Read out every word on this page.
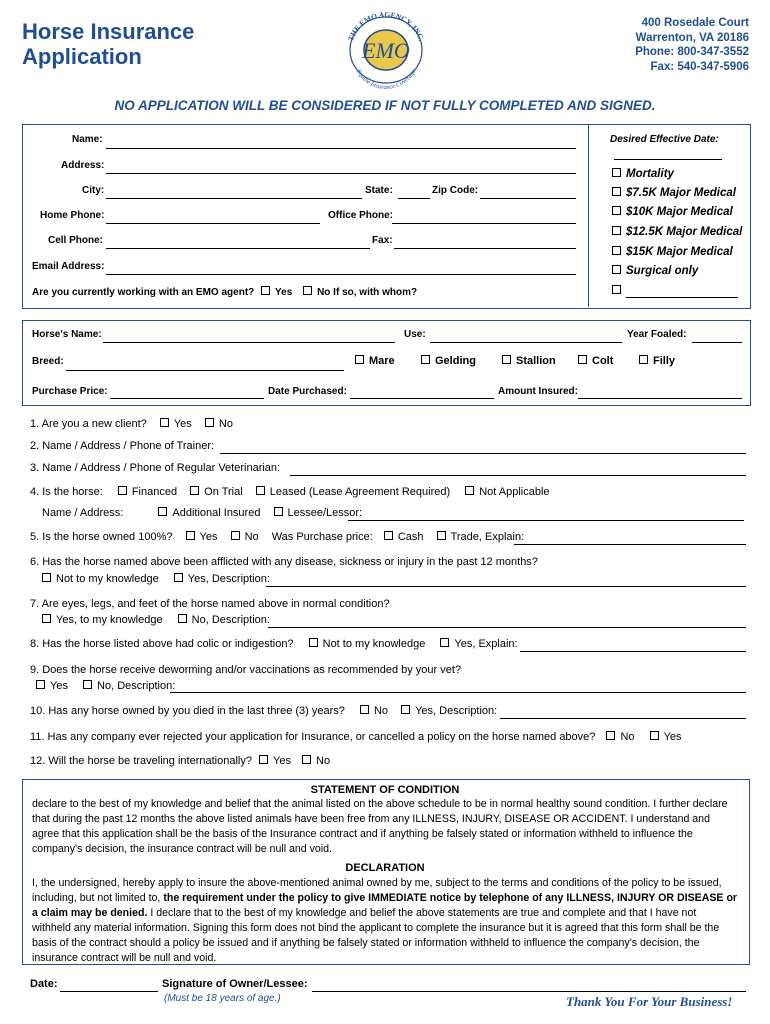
Horse Insurance
Application
THE EMO AGENCY, INC.
Equine Insurance Coverage
EMO
400 Rosedale Court
Warrenton, VA 20186
Phone: 800-347-3552
Fax: 540-347-5906
NO APPLICATION WILL BE CONSIDERED IF NOT FULLY COMPLETED AND SIGNED.
Name:
Address:
City:	State:	Zip Code:
Home Phone:	Office Phone:
Cell Phone:	Fax:
Email Address:
Are you currently working with an EMO agent? Yes No If so, with whom?
Desired Effective Date:
Mortality
$7.5K Major Medical
$10K Major Medical
$12.5K Major Medical
$15K Major Medical
Surgical only
Horse's Name:	Use:	Year Foaled:
Breed:	Mare	Gelding	Stallion	Colt	Filly
Purchase Price:	Date Purchased:	Amount Insured:
1. Are you a new client? Yes No
2. Name / Address / Phone of Trainer:
3. Name / Address / Phone of Regular Veterinarian:
4. Is the horse:	Financed On Trial Leased (Lease Agreement Required)	Not Applicable
Name / Address:	Additional Insured Lessee/Lessor:
5. Is the horse owned 100%? Yes No Was Purchase price: Cash Trade, Explain:
6. Has the horse named above been afflicted with any disease, sickness or injury in the past 12 months?
Not to my knowledge	Yes, Description:
7. Are eyes, legs, and feet of the horse named above in normal condition?
Yes, to my knowledge	No, Description:
8. Has the horse listed above had colic or indigestion?	Not to my knowledge	Yes, Explain:
9. Does the horse receive deworming and/or vaccinations as recommended by your vet?
Yes	No, Description:
10. Has any horse owned by you died in the last three (3) years?	No Yes, Description:
11. Has any company ever rejected your application for Insurance, or cancelled a policy on the horse named above? No	Yes
12. Will the horse be traveling internationally? Yes No
STATEMENT OF CONDITION
declare to the best of my knowledge and belief that the animal listed on the above schedule to be in normal healthy sound condition. I further declare that during the past 12 months the above listed animals have been free from any ILLNESS, INJURY, DISEASE OR ACCIDENT. I understand and agree that this application shall be the basis of the Insurance contract and if anything be falsely stated or information withheld to influence the company's decision, the insurance contract will be null and void.
DECLARATION
I, the undersigned, hereby apply to insure the above-mentioned animal owned by me, subject to the terms and conditions of the policy to be issued, including, but not limited to, the requirement under the policy to give IMMEDIATE notice by telephone of any ILLNESS, INJURY OR DISEASE or a claim may be denied. I declare that to the best of my knowledge and belief the above statements are true and complete and that I have not withheld any material information. Signing this form does not bind the applicant to complete the insurance but it is agreed that this form shall be the basis of the contract should a policy be issued and if anything be falsely stated or information withheld to influence the company's decision, the insurance contract will be null and void.
Date:	Signature of Owner/Lessee:
(Must be 18 years of age.)	Thank You For Your Business!
